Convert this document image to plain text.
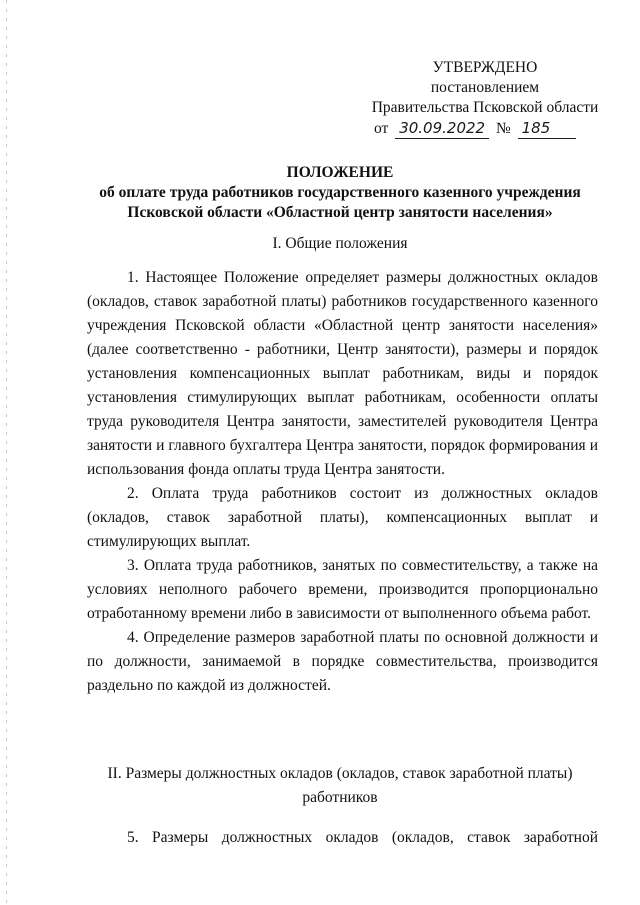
УТВЕРЖДЕНО
постановлением
Правительства Псковской области
от 30.09.2022 № 185
ПОЛОЖЕНИЕ
об оплате труда работников государственного казенного учреждения
Псковской области «Областной центр занятости населения»
I. Общие положения

1. Настоящее Положение определяет размеры должностных окладов (окладов, ставок заработной платы) работников государственного казенного учреждения Псковской области «Областной центр занятости населения» (далее соответственно - работники, Центр занятости), размеры и порядок установления компенсационных выплат работникам, виды и порядок установления стимулирующих выплат работникам, особенности оплаты труда руководителя Центра занятости, заместителей руководителя Центра занятости и главного бухгалтера Центра занятости, порядок формирования и использования фонда оплаты труда Центра занятости.

2. Оплата труда работников состоит из должностных окладов (окладов, ставок заработной платы), компенсационных выплат и стимулирующих выплат.

3. Оплата труда работников, занятых по совместительству, а также на условиях неполного рабочего времени, производится пропорционально отработанному времени либо в зависимости от выполненного объема работ.

4. Определение размеров заработной платы по основной должности и по должности, занимаемой в порядке совместительства, производится раздельно по каждой из должностей.

II. Размеры должностных окладов (окладов, ставок заработной платы)
работников
5. Размеры должностных окладов (окладов, ставок заработной
